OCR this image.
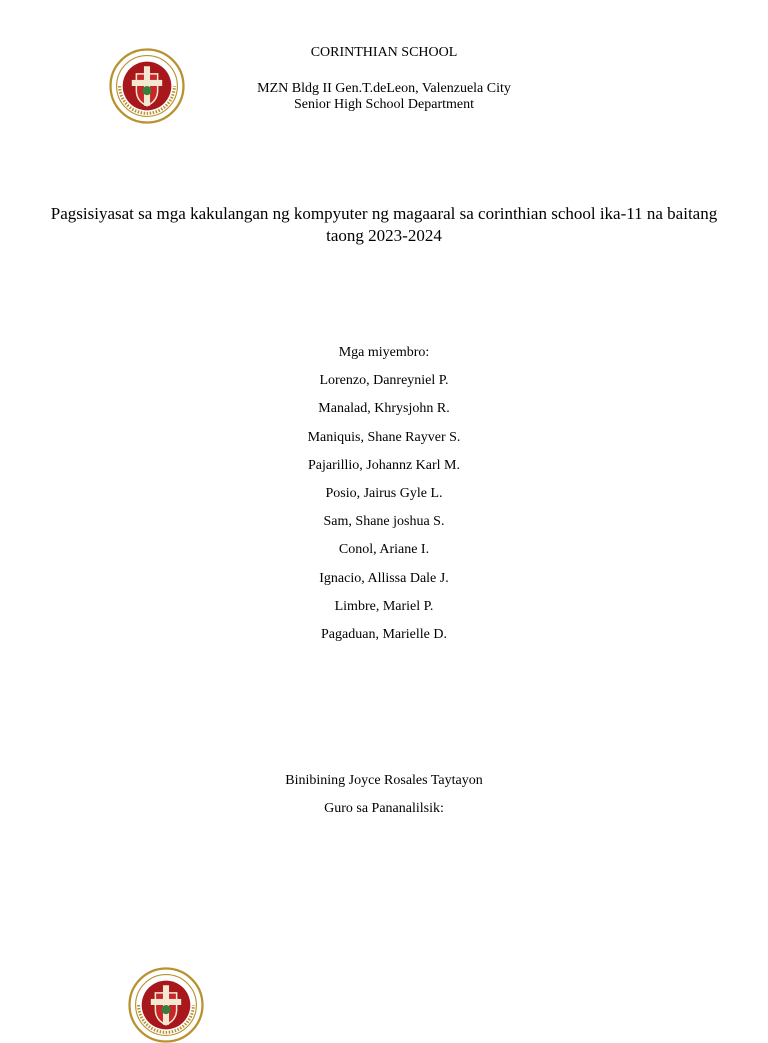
CORINTHIAN SCHOOL
MZN Bldg II Gen.T.deLeon, Valenzuela City
Senior High School Department
Pagsisiyasat sa mga kakulangan ng kompyuter ng magaaral sa corinthian school ika-11 na baitang taong 2023-2024
Mga miyembro:
Lorenzo, Danreyniel P.
Manalad, Khrysjohn R.
Maniquis, Shane Rayver S.
Pajarillio, Johannz Karl M.
Posio, Jairus Gyle L.
Sam, Shane joshua S.
Conol, Ariane I.
Ignacio, Allissa Dale J.
Limbre, Mariel P.
Pagaduan, Marielle D.
Binibining Joyce Rosales Taytayon
Guro sa Pananalilsik:
